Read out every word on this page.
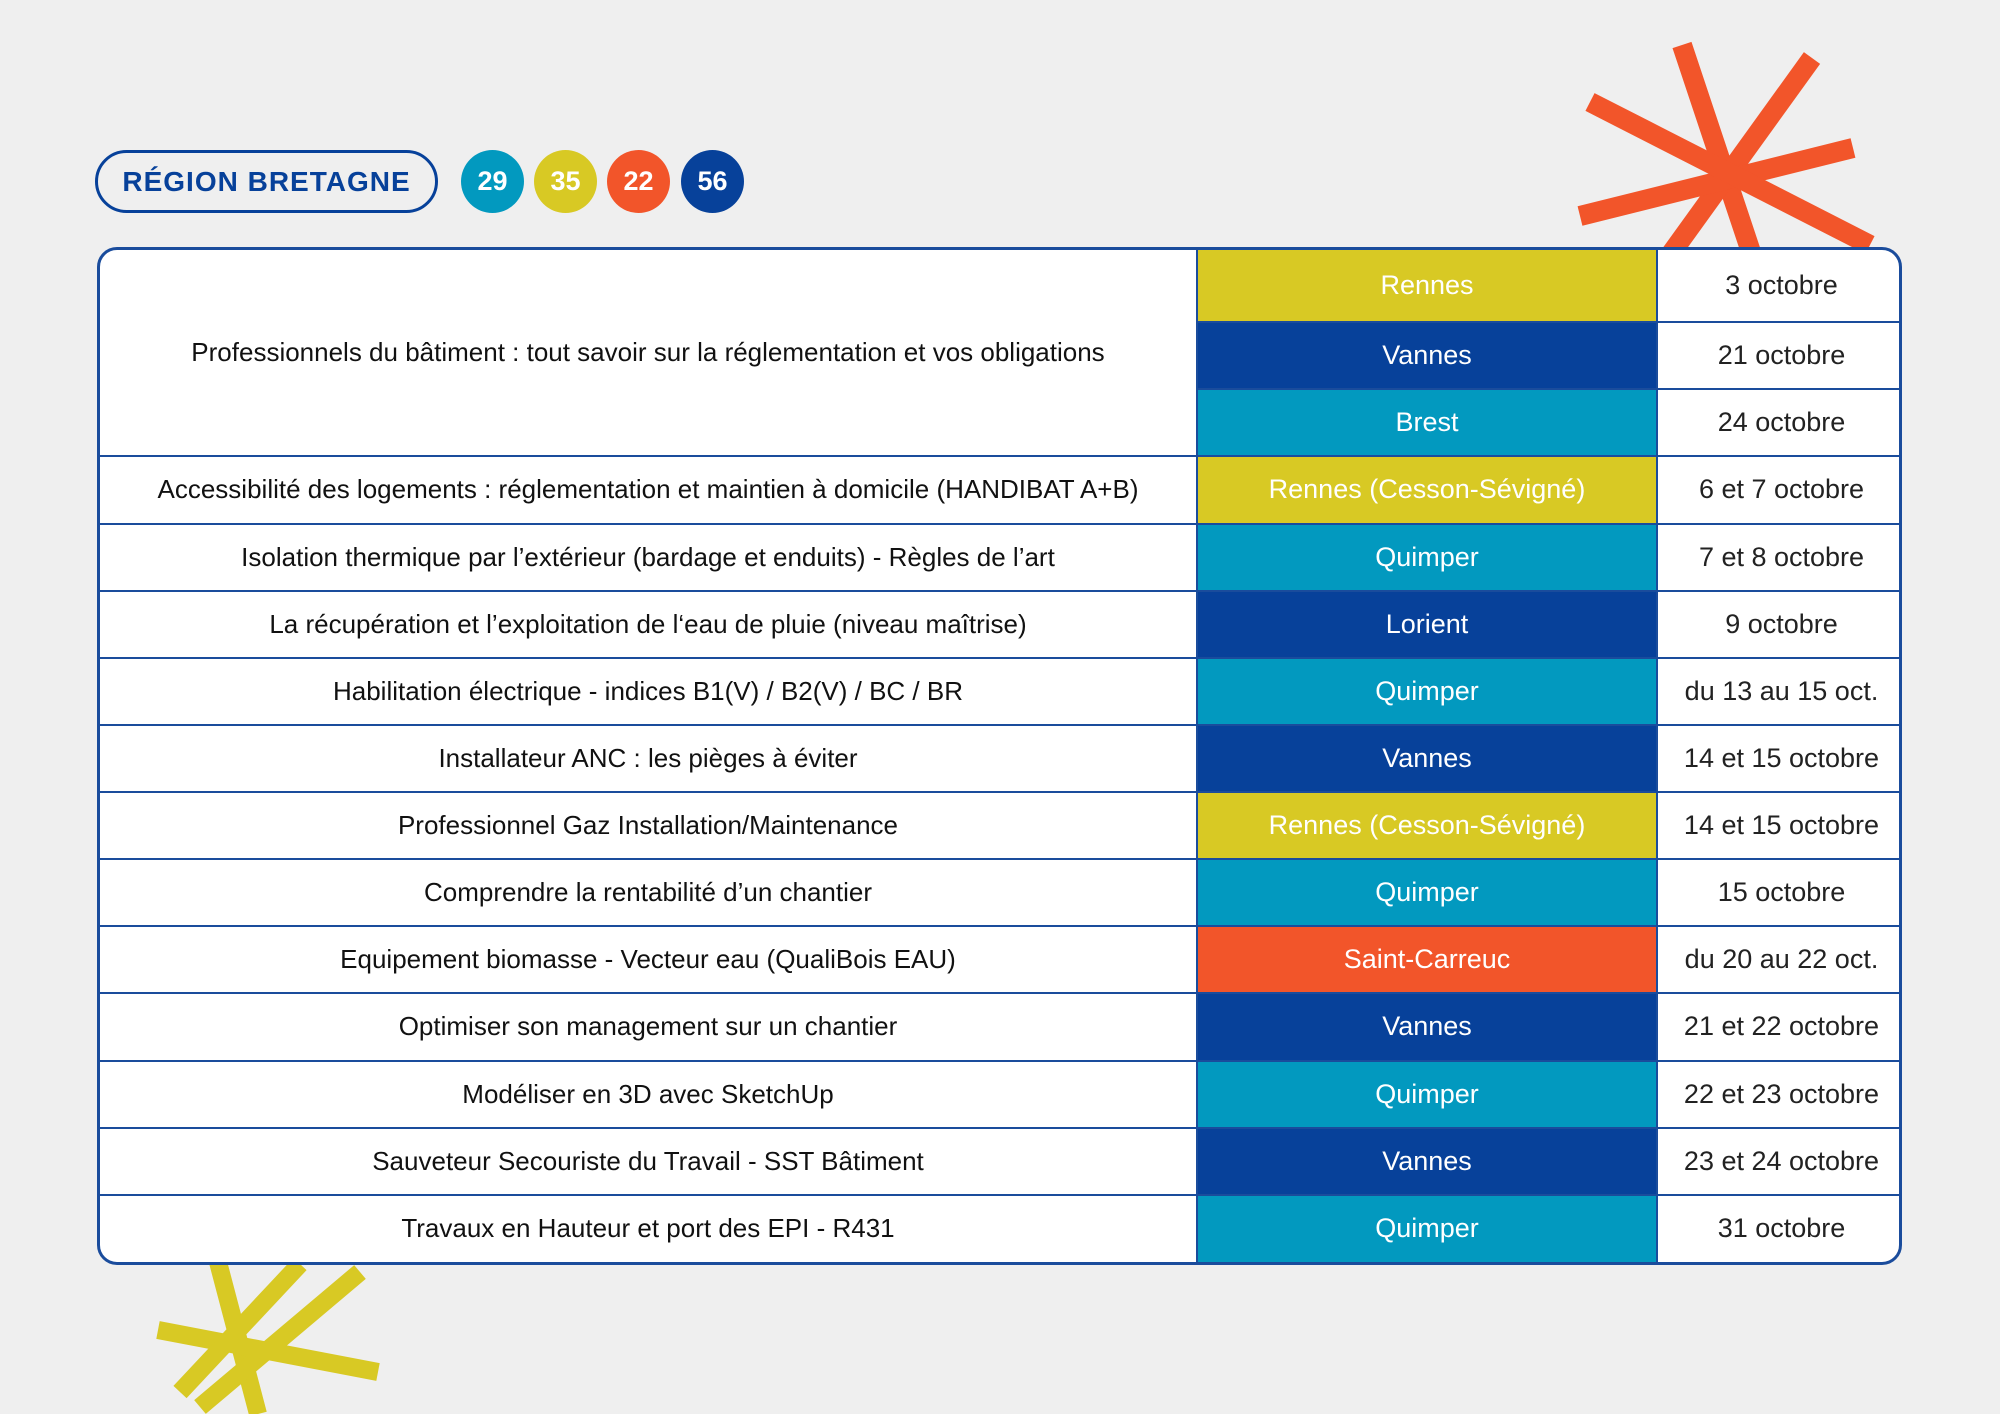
RÉGION BRETAGNE	29	35	22	56
Professionnels du bâtiment : tout savoir sur la réglementation et vos obligations	Rennes	3 octobre
	Vannes	21 octobre
	Brest	24 octobre
Accessibilité des logements : réglementation et maintien à domicile (HANDIBAT A+B)	Rennes (Cesson-Sévigné)	6 et 7 octobre
Isolation thermique par l’extérieur (bardage et enduits) - Règles de l’art	Quimper	7 et 8 octobre
La récupération et l’exploitation de l‘eau de pluie (niveau maîtrise)	Lorient	9 octobre
Habilitation électrique - indices B1(V) / B2(V) / BC / BR	Quimper	du 13 au 15 oct.
Installateur ANC : les pièges à éviter	Vannes	14 et 15 octobre
Professionnel Gaz Installation/Maintenance	Rennes (Cesson-Sévigné)	14 et 15 octobre
Comprendre la rentabilité d’un chantier	Quimper	15 octobre
Equipement biomasse - Vecteur eau (QualiBois EAU)	Saint-Carreuc	du 20 au 22 oct.
Optimiser son management sur un chantier	Vannes	21 et 22 octobre
Modéliser en 3D avec SketchUp	Quimper	22 et 23 octobre
Sauveteur Secouriste du Travail - SST Bâtiment	Vannes	23 et 24 octobre
Travaux en Hauteur et port des EPI - R431	Quimper	31 octobre
